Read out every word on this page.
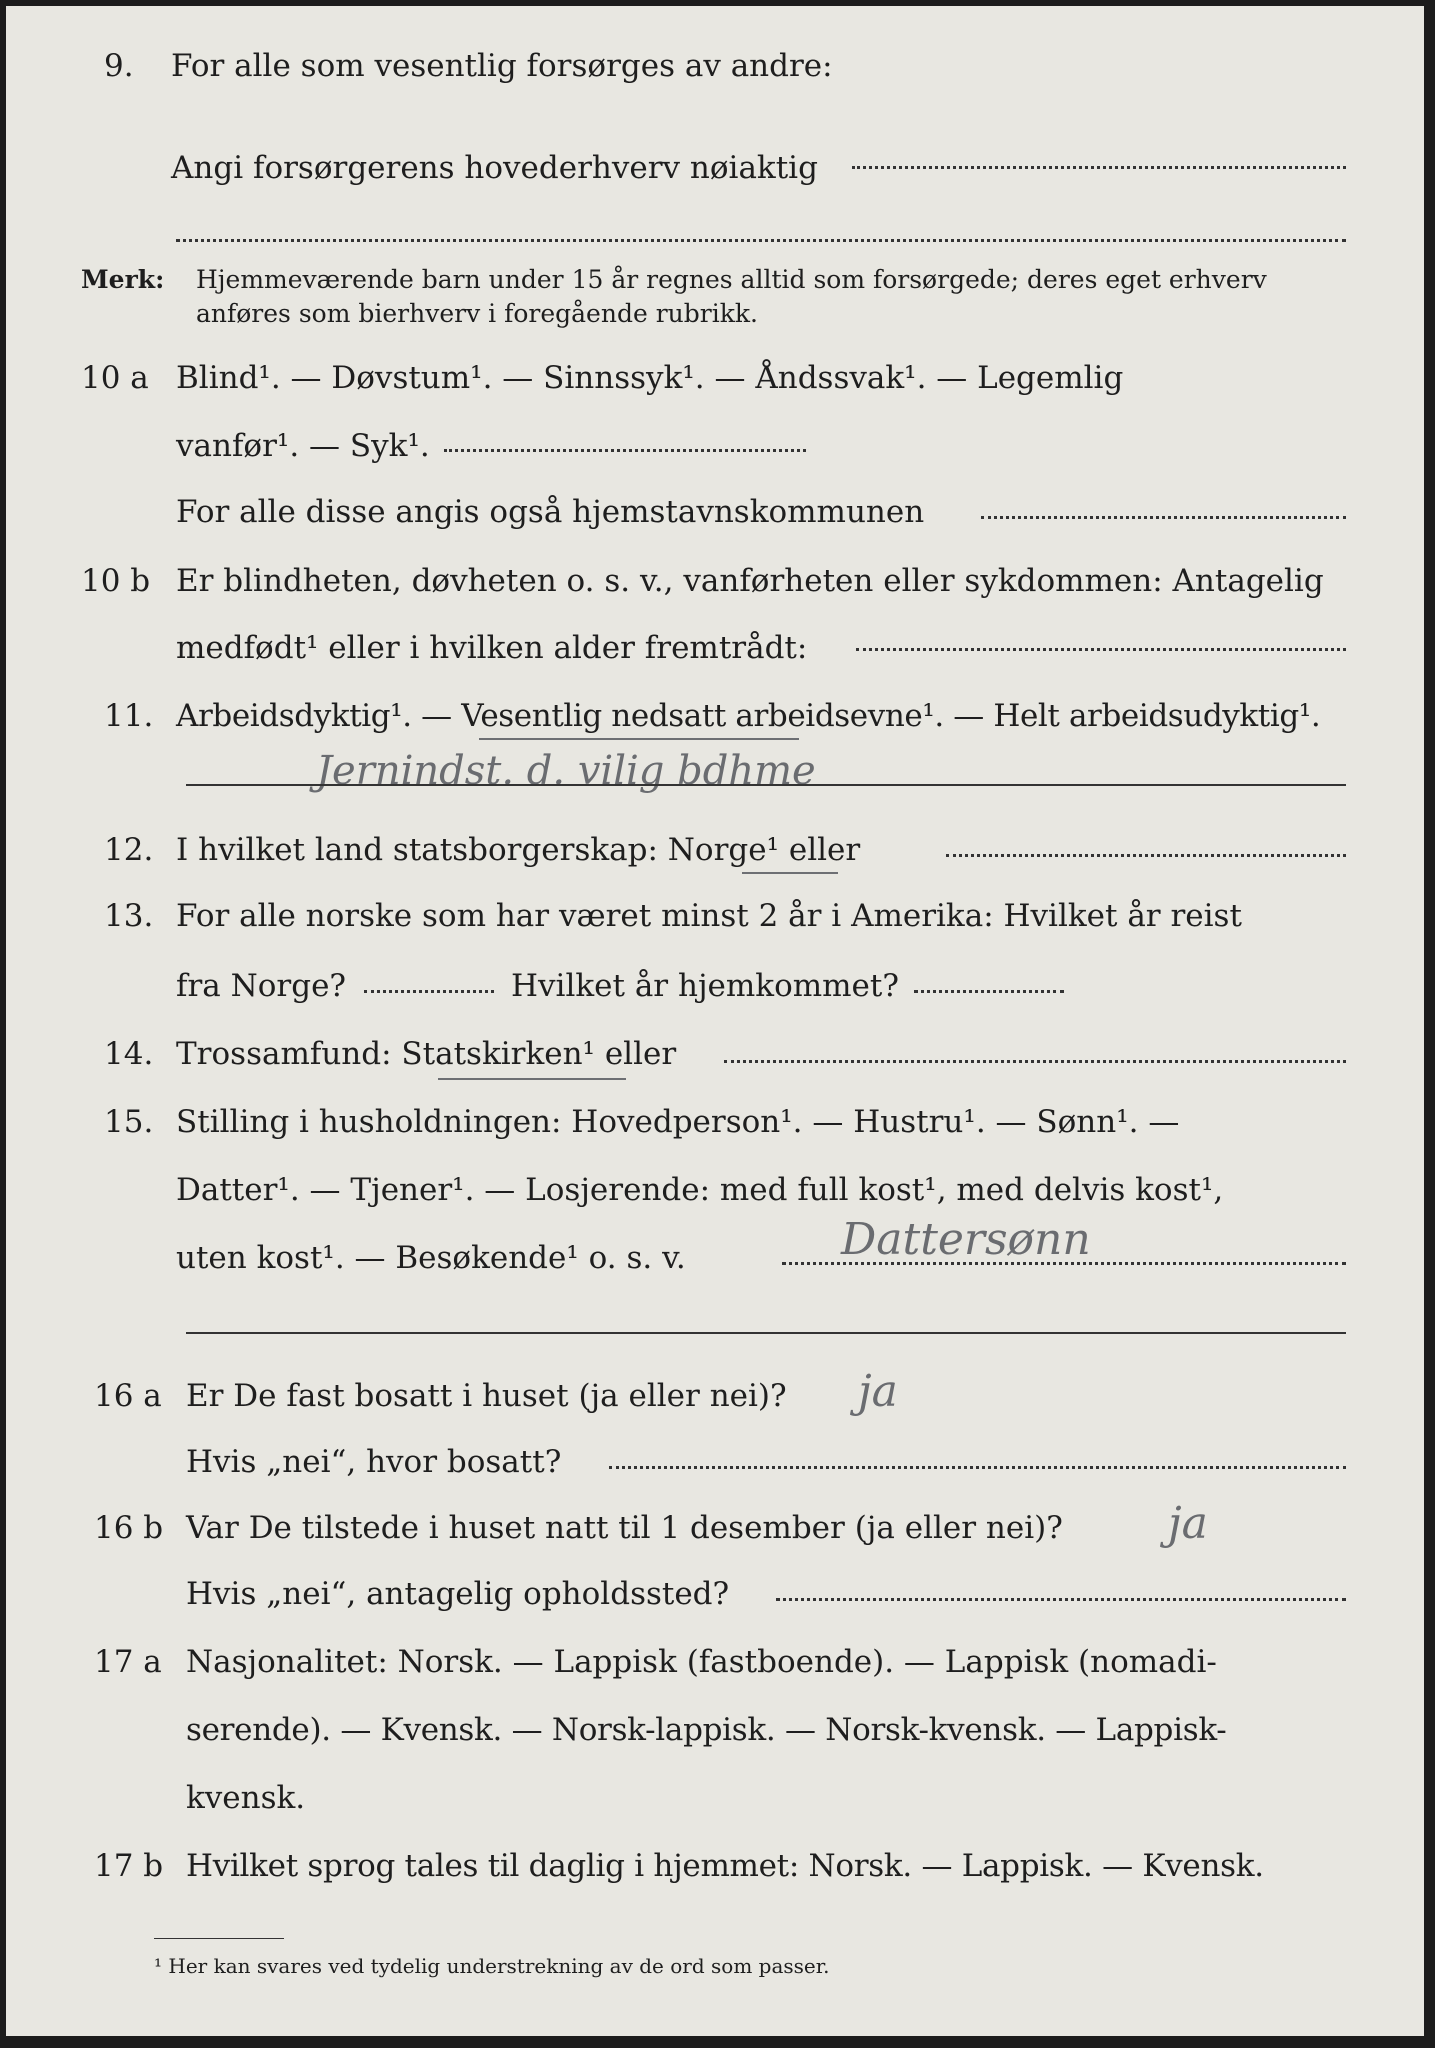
9. For alle som vesentlig forsørges av andre:
Angi forsørgerens hovederhverv nøiaktig
Merk: Hjemmeværende barn under 15 år regnes alltid som forsørgede; deres eget erhverv
anføres som bierhverv i foregående rubrikk.
10 a Blind¹. — Døvstum¹. — Sinnssyk¹. — Åndssvak¹. — Legemlig
vanfør¹. — Syk¹.
For alle disse angis også hjemstavnskommunen
10 b Er blindheten, døvheten o. s. v., vanførheten eller sykdommen: Antagelig
medfødt¹ eller i hvilken alder fremtrådt:
11. Arbeidsdyktig¹. — Vesentlig nedsatt arbeidsevne¹. — Helt arbeidsudyktig¹.
Jernindst. d. vilig bdhme
12. I hvilket land statsborgerskap: Norge¹ eller
13. For alle norske som har været minst 2 år i Amerika: Hvilket år reist
fra Norge?	Hvilket år hjemkommet?
14. Trossamfund: Statskirken¹ eller
15. Stilling i husholdningen: Hovedperson¹. — Hustru¹. — Sønn¹. —
Datter¹. — Tjener¹. — Losjerende: med full kost¹, med delvis kost¹,
uten kost¹. — Besøkende¹ o. s. v.	Dattersønn
16 a Er De fast bosatt i huset (ja eller nei)? ja
Hvis „nei“, hvor bosatt?
16 b Var De tilstede i huset natt til 1 desember (ja eller nei)? ja
Hvis „nei“, antagelig opholdssted?
17 a Nasjonalitet: Norsk. — Lappisk (fastboende). — Lappisk (nomadi-
serende). — Kvensk. — Norsk-lappisk. — Norsk-kvensk. — Lappisk-
kvensk.
17 b Hvilket sprog tales til daglig i hjemmet: Norsk. — Lappisk. — Kvensk.
¹ Her kan svares ved tydelig understrekning av de ord som passer.
